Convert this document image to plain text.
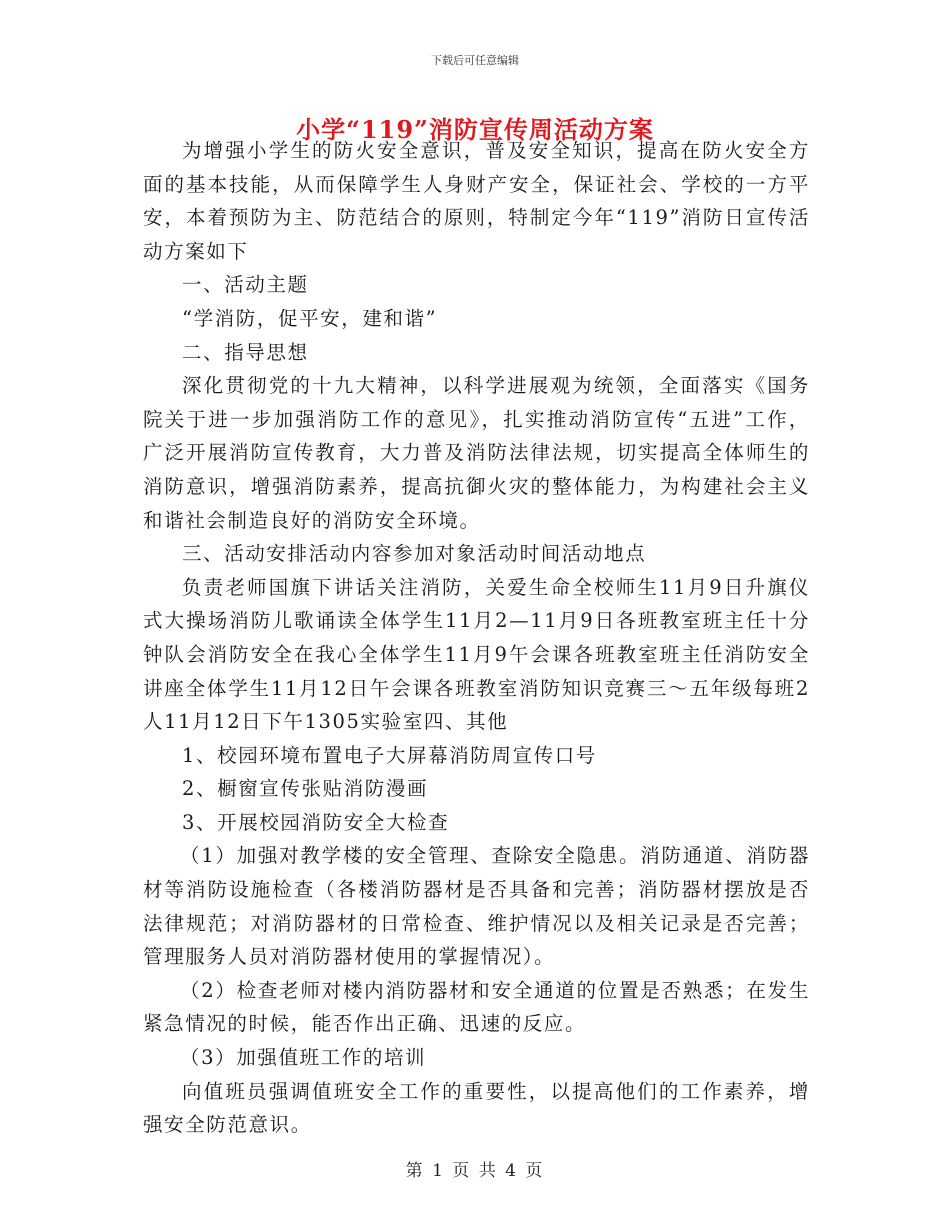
下载后可任意编辑
小学“119”消防宣传周活动方案

为增强小学生的防火安全意识，普及安全知识，提高在防火安全方面的基本技能，从而保障学生人身财产安全，保证社会、学校的一方平安，本着预防为主、防范结合的原则，特制定今年“119”消防日宣传活动方案如下

一、活动主题

“学消防，促平安，建和谐”

二、指导思想

深化贯彻党的十九大精神，以科学进展观为统领，全面落实《国务院关于进一步加强消防工作的意见》，扎实推动消防宣传“五进”工作，广泛开展消防宣传教育，大力普及消防法律法规，切实提高全体师生的消防意识，增强消防素养，提高抗御火灾的整体能力，为构建社会主义和谐社会制造良好的消防安全环境。

三、活动安排活动内容参加对象活动时间活动地点

负责老师国旗下讲话关注消防，关爱生命全校师生11月9日升旗仪式大操场消防儿歌诵读全体学生11月2—11月9日各班教室班主任十分钟队会消防安全在我心全体学生11月9午会课各班教室班主任消防安全讲座全体学生11月12日午会课各班教室消防知识竞赛三～五年级每班2人11月12日下午1305实验室四、其他

1、校园环境布置电子大屏幕消防周宣传口号

2、橱窗宣传张贴消防漫画

3、开展校园消防安全大检查

（1）加强对教学楼的安全管理、查除安全隐患。消防通道、消防器材等消防设施检查（各楼消防器材是否具备和完善；消防器材摆放是否法律规范；对消防器材的日常检查、维护情况以及相关记录是否完善；管理服务人员对消防器材使用的掌握情况）。

（2）检查老师对楼内消防器材和安全通道的位置是否熟悉；在发生紧急情况的时候，能否作出正确、迅速的反应。

（3）加强值班工作的培训

向值班员强调值班安全工作的重要性，以提高他们的工作素养，增强安全防范意识。

第 1 页 共 4 页
